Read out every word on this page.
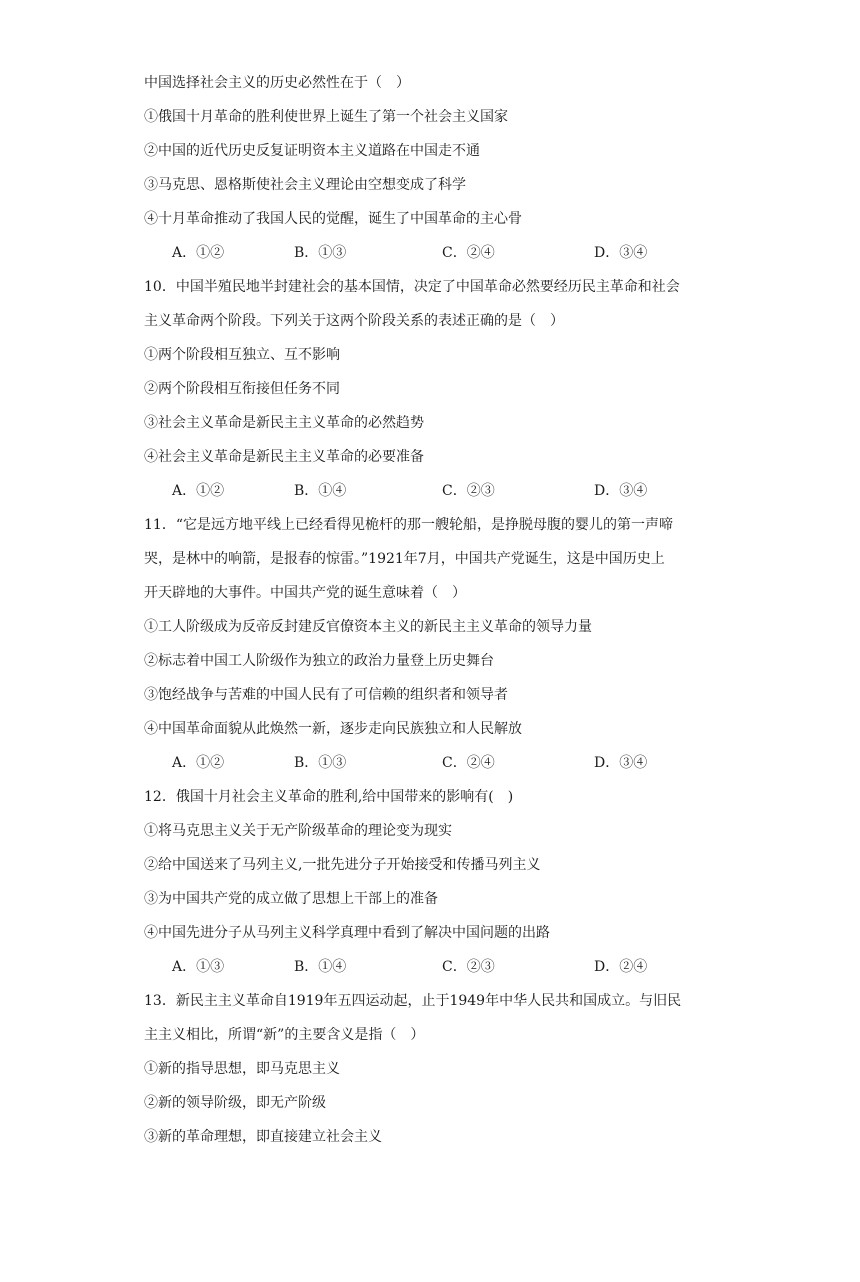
中国选择社会主义的历史必然性在于（　）
①俄国十月革命的胜利使世界上诞生了第一个社会主义国家
②中国的近代历史反复证明资本主义道路在中国走不通
③马克思、恩格斯使社会主义理论由空想变成了科学
④十月革命推动了我国人民的觉醒，诞生了中国革命的主心骨
A．①②	B．①③	C．②④	D．③④
10．中国半殖民地半封建社会的基本国情，决定了中国革命必然要经历民主革命和社会
主义革命两个阶段。下列关于这两个阶段关系的表述正确的是（　）
①两个阶段相互独立、互不影响
②两个阶段相互衔接但任务不同
③社会主义革命是新民主主义革命的必然趋势
④社会主义革命是新民主主义革命的必要准备
A．①②	B．①④	C．②③	D．③④
11．“它是远方地平线上已经看得见桅杆的那一艘轮船，是挣脱母腹的婴儿的第一声啼
哭，是林中的响箭，是报春的惊雷。”1921年7月，中国共产党诞生，这是中国历史上
开天辟地的大事件。中国共产党的诞生意味着（　）
①工人阶级成为反帝反封建反官僚资本主义的新民主主义革命的领导力量
②标志着中国工人阶级作为独立的政治力量登上历史舞台
③饱经战争与苦难的中国人民有了可信赖的组织者和领导者
④中国革命面貌从此焕然一新，逐步走向民族独立和人民解放
A．①②	B．①③	C．②④	D．③④
12．俄国十月社会主义革命的胜利,给中国带来的影响有(　)
①将马克思主义关于无产阶级革命的理论变为现实
②给中国送来了马列主义,一批先进分子开始接受和传播马列主义
③为中国共产党的成立做了思想上干部上的准备
④中国先进分子从马列主义科学真理中看到了解决中国问题的出路
A．①③	B．①④	C．②③	D．②④
13．新民主主义革命自1919年五四运动起，止于1949年中华人民共和国成立。与旧民
主主义相比，所谓“新”的主要含义是指（　）
①新的指导思想，即马克思主义
②新的领导阶级，即无产阶级
③新的革命理想，即直接建立社会主义
